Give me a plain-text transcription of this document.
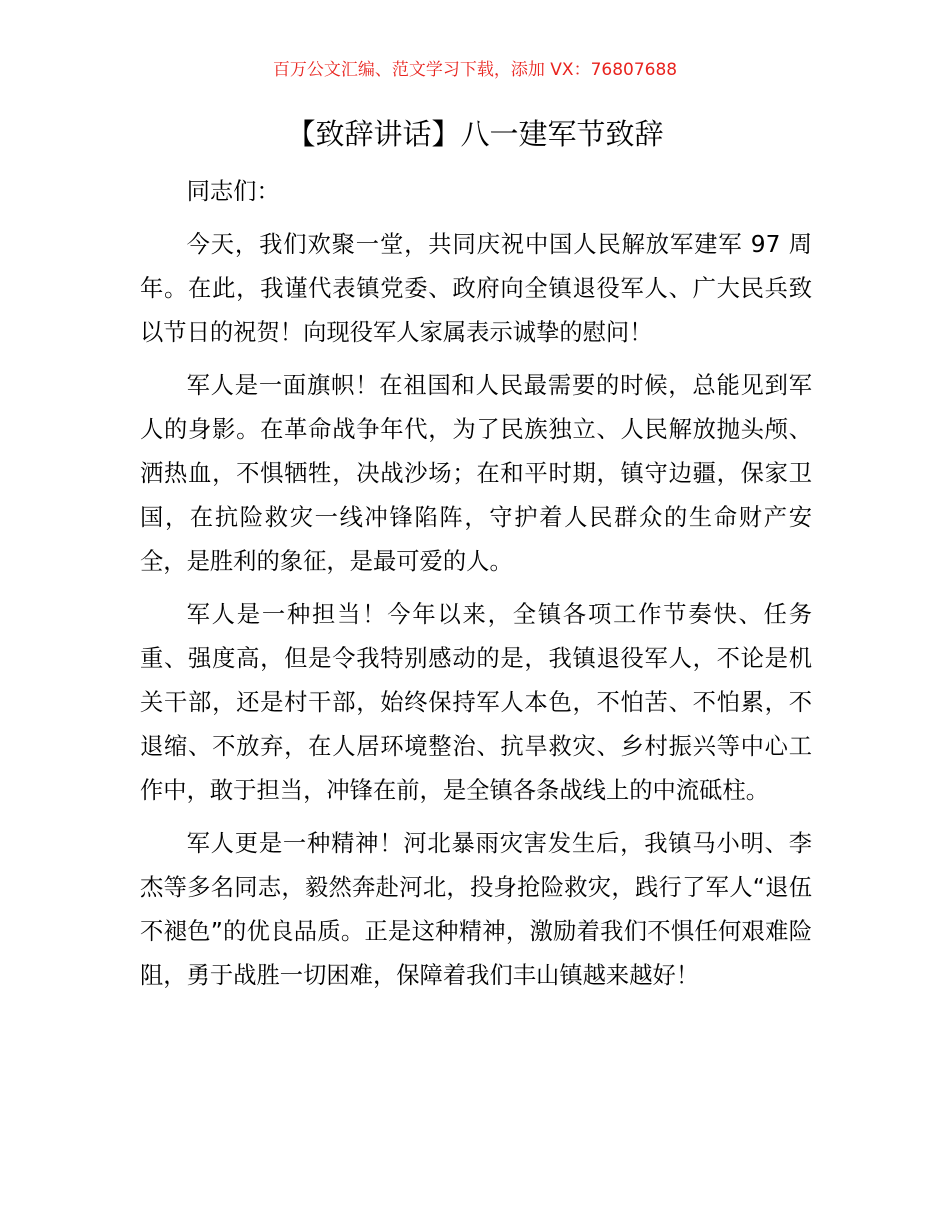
百万公文汇编、范文学习下载，添加 VX：76807688
【致辞讲话】八一建军节致辞

同志们：

今天，我们欢聚一堂，共同庆祝中国人民解放军建军 97 周年。在此，我谨代表镇党委、政府向全镇退役军人、广大民兵致以节日的祝贺！向现役军人家属表示诚挚的慰问！

军人是一面旗帜！在祖国和人民最需要的时候，总能见到军人的身影。在革命战争年代，为了民族独立、人民解放抛头颅、洒热血，不惧牺牲，决战沙场；在和平时期，镇守边疆，保家卫国，在抗险救灾一线冲锋陷阵，守护着人民群众的生命财产安全，是胜利的象征，是最可爱的人。

军人是一种担当！今年以来，全镇各项工作节奏快、任务重、强度高，但是令我特别感动的是，我镇退役军人，不论是机关干部，还是村干部，始终保持军人本色，不怕苦、不怕累，不退缩、不放弃，在人居环境整治、抗旱救灾、乡村振兴等中心工作中，敢于担当，冲锋在前，是全镇各条战线上的中流砥柱。

军人更是一种精神！河北暴雨灾害发生后，我镇马小明、李杰等多名同志，毅然奔赴河北，投身抢险救灾，践行了军人“退伍不褪色”的优良品质。正是这种精神，激励着我们不惧任何艰难险阻，勇于战胜一切困难，保障着我们丰山镇越来越好！
